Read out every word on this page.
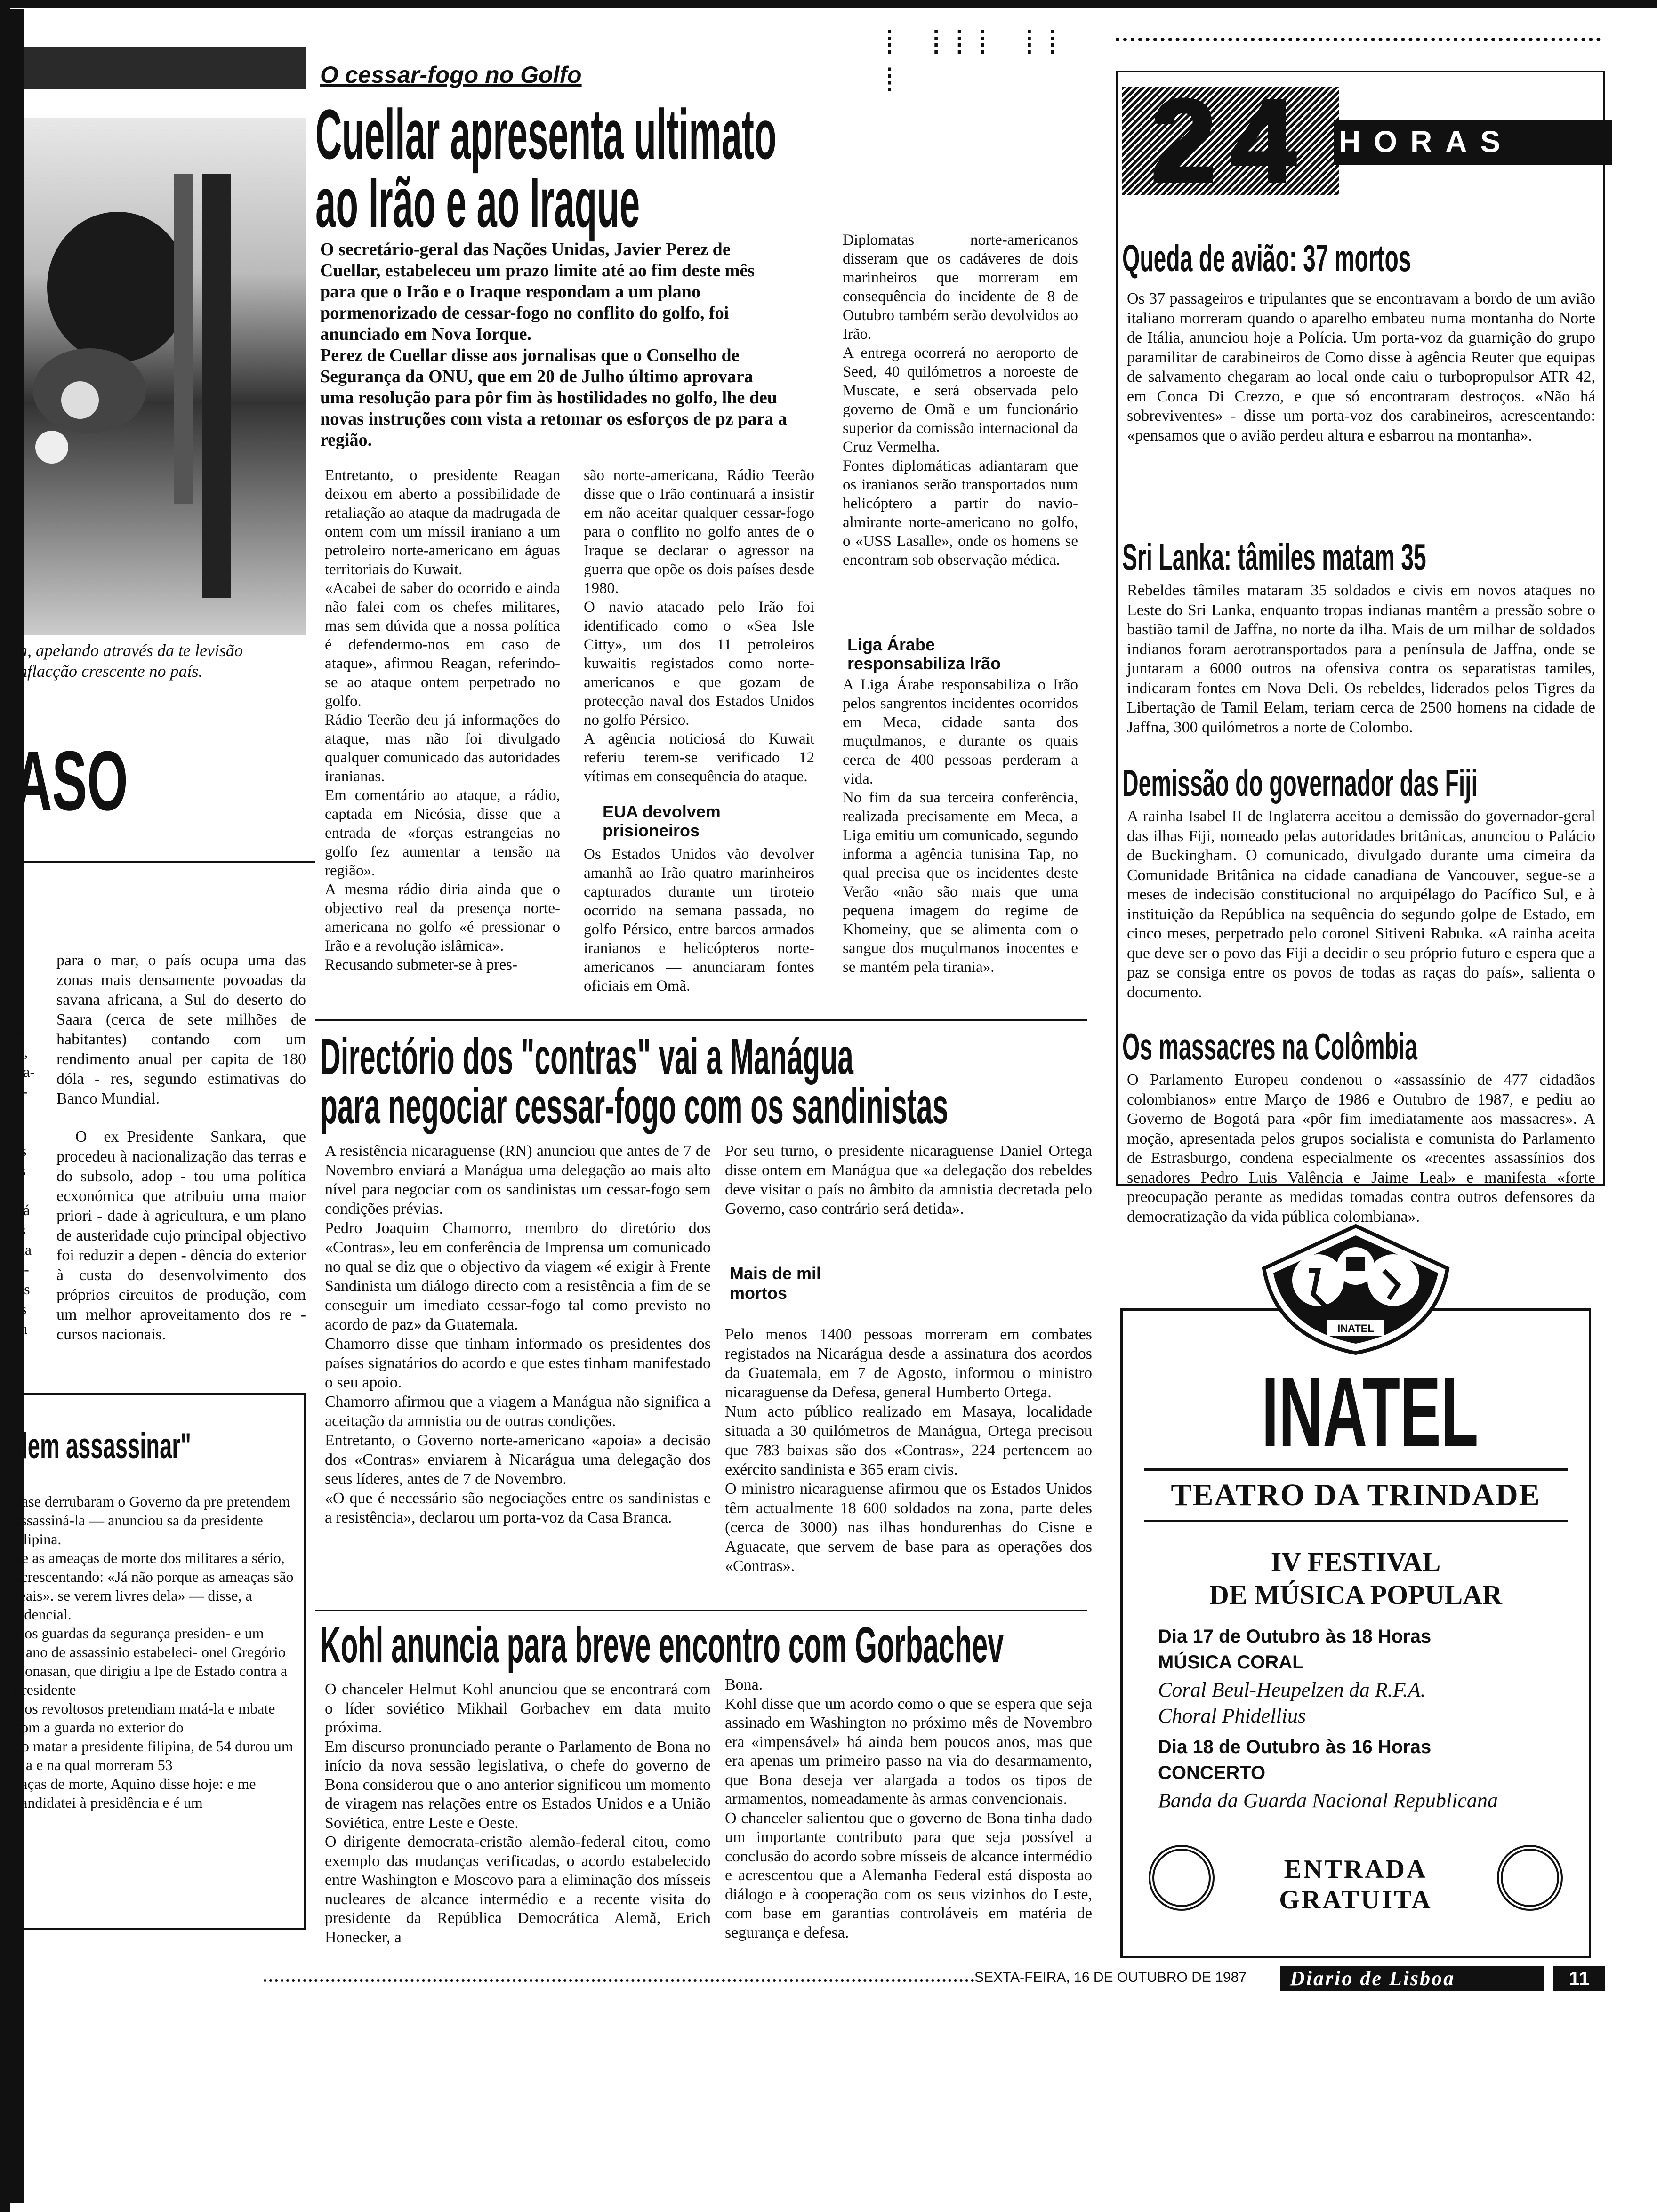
in, apelando através da te levisão
inflacção crescente no país.
ASO
a-
a-
al,
sta-
ri-
n
i-
os
es
e
stá
es
ma
le-
las
os
da
para o mar, o país ocupa uma das zonas mais densamente povoadas da savana africana, a Sul do deserto do Saara (cerca de sete milhões de habitantes) contando com um rendimento anual per capita de 180 dóla - res, segundo estimativas do Banco Mundial.
O ex–Presidente Sankara, que procedeu à nacionalização das terras e do subsolo, adop - tou uma política ecxonómica que atribuiu uma maior priori - dade à agricultura, e um plano de austeridade cujo principal objectivo foi reduzir a depen - dência do exterior à custa do desenvolvimento dos próprios circuitos de produção, com um melhor aproveitamento dos re - cursos nacionais.
dem assassinar"
uase derrubaram o Governo da pre pretendem assassiná-la — anunciou sa da presidente filipina.
ue as ameaças de morte dos militares a sério, acrescentando: «Já não porque as ameaças são reais». se verem livres dela» — disse, a sidencial.
e os guardas da segurança presiden- e um plano de assassinio estabeleci- onel Gregório Honasan, que dirigiu a lpe de Estado contra a presidente
e os revoltosos pretendiam matá-la e mbate com a guarda no exterior do
do matar a presidente filipina, de 54 durou um dia e na qual morreram 53
eaças de morte, Aquino disse hoje: e me candidatei à presidência e é um
O cessar-fogo no Golfo
Cuellar apresenta ultimato
ao Irão e ao Iraque
O secretário-geral das Nações Unidas, Javier Perez de Cuellar, estabeleceu um prazo limite até ao fim deste mês para que o Irão e o Iraque respondam a um plano pormenorizado de cessar-fogo no conflito do golfo, foi anunciado em Nova Iorque.
Perez de Cuellar disse aos jornalisas que o Conselho de Segurança da ONU, que em 20 de Julho último aprovara uma resolução para pôr fim às hostilidades no golfo, lhe deu novas instruções com vista a retomar os esforços de pz para a região.
Entretanto, o presidente Reagan deixou em aberto a possibilidade de retaliação ao ataque da madrugada de ontem com um míssil iraniano a um petroleiro norte-americano em águas territoriais do Kuwait.
«Acabei de saber do ocorrido e ainda não falei com os chefes militares, mas sem dúvida que a nossa política é defendermo-nos em caso de ataque», afirmou Reagan, referindo-se ao ataque ontem perpetrado no golfo.
Rádio Teerão deu já informações do ataque, mas não foi divulgado qualquer comunicado das autoridades iranianas.
Em comentário ao ataque, a rádio, captada em Nicósia, disse que a entrada de «forças estrangeias no golfo fez aumentar a tensão na região».
A mesma rádio diria ainda que o objectivo real da presença norte-americana no golfo «é pressionar o Irão e a revolução islâmica».
Recusando submeter-se à pres-
são norte-americana, Rádio Teerão disse que o Irão continuará a insistir em não aceitar qualquer cessar-fogo para o conflito no golfo antes de o Iraque se declarar o agressor na guerra que opõe os dois países desde 1980.
O navio atacado pelo Irão foi identificado como o «Sea Isle Citty», um dos 11 petroleiros kuwaitis registados como norte-americanos e que gozam de protecção naval dos Estados Unidos no golfo Pérsico.
A agência noticiosá do Kuwait referiu terem-se verificado 12 vítimas em consequência do ataque.
EUA devolvem prisioneiros
Os Estados Unidos vão devolver amanhã ao Irão quatro marinheiros capturados durante um tiroteio ocorrido na semana passada, no golfo Pérsico, entre barcos armados iranianos e helicópteros norte-americanos — anunciaram fontes oficiais em Omã.
Diplomatas norte-americanos disseram que os cadáveres de dois marinheiros que morreram em consequência do incidente de 8 de Outubro também serão devolvidos ao Irão.
A entrega ocorrerá no aeroporto de Seed, 40 quilómetros a noroeste de Muscate, e será observada pelo governo de Omã e um funcionário superior da comissão internacional da Cruz Vermelha.
Fontes diplomáticas adiantaram que os iranianos serão transportados num helicóptero a partir do navio-almirante norte-americano no golfo, o «USS Lasalle», onde os homens se encontram sob observação médica.
Liga Árabe responsabiliza Irão
A Liga Árabe responsabiliza o Irão pelos sangrentos incidentes ocorridos em Meca, cidade santa dos muçulmanos, e durante os quais cerca de 400 pessoas perderam a vida.
No fim da sua terceira conferência, realizada precisamente em Meca, a Liga emitiu um comunicado, segundo informa a agência tunisina Tap, no qual precisa que os incidentes deste Verão «não são mais que uma pequena imagem do regime de Khomeiny, que se alimenta com o sangue dos muçulmanos inocentes e se mantém pela tirania».
⁞ ⁞⁞⁞ ⁞⁞ ⁞	24 HORAS
Queda de avião: 37 mortos
Os 37 passageiros e tripulantes que se encontravam a bordo de um avião italiano morreram quando o aparelho embateu numa montanha do Norte de Itália, anunciou hoje a Polícia. Um porta-voz da guarnição do grupo paramilitar de carabineiros de Como disse à agência Reuter que equipas de salvamento chegaram ao local onde caiu o turbopropulsor ATR 42, em Conca Di Crezzo, e que só encontraram destroços. «Não há sobreviventes» - disse um porta-voz dos carabineiros, acrescentando: «pensamos que o avião perdeu altura e esbarrou na montanha».
Sri Lanka: tâmiles matam 35
Rebeldes tâmiles mataram 35 soldados e civis em novos ataques no Leste do Sri Lanka, enquanto tropas indianas mantêm a pressão sobre o bastião tamil de Jaffna, no norte da ilha. Mais de um milhar de soldados indianos foram aerotransportados para a península de Jaffna, onde se juntaram a 6000 outros na ofensiva contra os separatistas tamiles, indicaram fontes em Nova Deli. Os rebeldes, liderados pelos Tigres da Libertação de Tamil Eelam, teriam cerca de 2500 homens na cidade de Jaffna, 300 quilómetros a norte de Colombo.
Demissão do governador das Fiji
A rainha Isabel II de Inglaterra aceitou a demissão do governador-geral das ilhas Fiji, nomeado pelas autoridades britânicas, anunciou o Palácio de Buckingham. O comunicado, divulgado durante uma cimeira da Comunidade Britânica na cidade canadiana de Vancouver, segue-se a meses de indecisão constitucional no arquipélago do Pacífico Sul, e à instituição da República na sequência do segundo golpe de Estado, em cinco meses, perpetrado pelo coronel Sitiveni Rabuka. «A rainha aceita que deve ser o povo das Fiji a decidir o seu próprio futuro e espera que a paz se consiga entre os povos de todas as raças do país», salienta o documento.
Os massacres na Colômbia
O Parlamento Europeu condenou o «assassínio de 477 cidadãos colombianos» entre Março de 1986 e Outubro de 1987, e pediu ao Governo de Bogotá para «pôr fim imediatamente aos massacres». A moção, apresentada pelos grupos socialista e comunista do Parlamento de Estrasburgo, condena especialmente os «recentes assassínios dos senadores Pedro Luis Valência e Jaime Leal» e manifesta «forte preocupação perante as medidas tomadas contra outros defensores da democratização da vida pública colombiana».
Directório dos "contras" vai a Manágua
para negociar cessar-fogo com os sandinistas
A resistência nicaraguense (RN) anunciou que antes de 7 de Novembro enviará a Manágua uma delegação ao mais alto nível para negociar com os sandinistas um cessar-fogo sem condições prévias.
Pedro Joaquim Chamorro, membro do diretório dos «Contras», leu em conferência de Imprensa um comunicado no qual se diz que o objectivo da viagem «é exigir à Frente Sandinista um diálogo directo com a resistência a fim de se conseguir um imediato cessar-fogo tal como previsto no acordo de paz» da Guatemala.
Chamorro disse que tinham informado os presidentes dos países signatários do acordo e que estes tinham manifestado o seu apoio.
Chamorro afirmou que a viagem a Manágua não significa a aceitação da amnistia ou de outras condições.
Entretanto, o Governo norte-americano «apoia» a decisão dos «Contras» enviarem à Nicarágua uma delegação dos seus líderes, antes de 7 de Novembro.
«O que é necessário são negociações entre os sandinistas e a resistência», declarou um porta-voz da Casa Branca.
Por seu turno, o presidente nicaraguense Daniel Ortega disse ontem em Manágua que «a delegação dos rebeldes deve visitar o país no âmbito da amnistia decretada pelo Governo, caso contrário será detida».
Mais de mil mortos
Pelo menos 1400 pessoas morreram em combates registados na Nicarágua desde a assinatura dos acordos da Guatemala, em 7 de Agosto, informou o ministro nicaraguense da Defesa, general Humberto Ortega.
Num acto público realizado em Masaya, localidade situada a 30 quilómetros de Manágua, Ortega precisou que 783 baixas são dos «Contras», 224 pertencem ao exército sandinista e 365 eram civis.
O ministro nicaraguense afirmou que os Estados Unidos têm actualmente 18 600 soldados na zona, parte deles (cerca de 3000) nas ilhas hondurenhas do Cisne e Aguacate, que servem de base para as operações dos «Contras».
Kohl anuncia para breve encontro com Gorbachev
O chanceler Helmut Kohl anunciou que se encontrará com o líder soviético Mikhail Gorbachev em data muito próxima.
Em discurso pronunciado perante o Parlamento de Bona no início da nova sessão legislativa, o chefe do governo de Bona considerou que o ano anterior significou um momento de viragem nas relações entre os Estados Unidos e a União Soviética, entre Leste e Oeste.
O dirigente democrata-cristão alemão-federal citou, como exemplo das mudanças verificadas, o acordo estabelecido entre Washington e Moscovo para a eliminação dos mísseis nucleares de alcance intermédio e a recente visita do presidente da República Democrática Alemã, Erich Honecker, a
Bona.
Kohl disse que um acordo como o que se espera que seja assinado em Washington no próximo mês de Novembro era «impensável» há ainda bem poucos anos, mas que era apenas um primeiro passo na via do desarmamento, que Bona deseja ver alargada a todos os tipos de armamentos, nomeadamente às armas convencionais.
O chanceler salientou que o governo de Bona tinha dado um importante contributo para que seja possível a conclusão do acordo sobre mísseis de alcance intermédio e acrescentou que a Alemanha Federal está disposta ao diálogo e à cooperação com os seus vizinhos do Leste, com base em garantias controláveis em matéria de segurança e defesa.
INATEL
INATEL
TEATRO DA TRINDADE
IV FESTIVAL
DE MÚSICA POPULAR
Dia 17 de Outubro às 18 Horas
MÚSICA CORAL
Coral Beul-Heupelzen da R.F.A.
Choral Phidellius
Dia 18 de Outubro às 16 Horas
CONCERTO
Banda da Guarda Nacional Republicana
ENTRADA
GRATUITA
SEXTA-FEIRA, 16 DE OUTUBRO DE 1987 Diario de Lisboa	11
